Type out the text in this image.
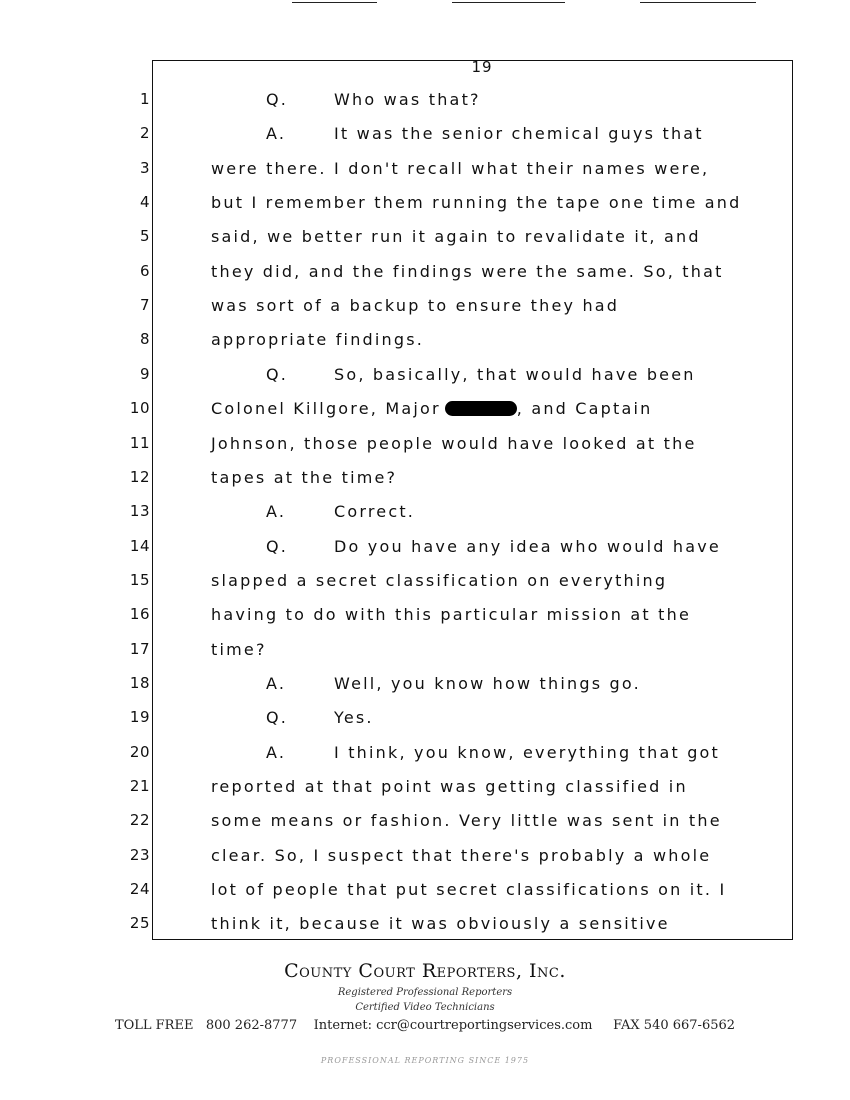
19
1
2
3
4
5
6
7
8
9
10
11
12
13
14
15
16
17
18
19
20
21
22
23
24
25
Q.	Who was that?
A.	It was the senior chemical guys that
were there. I don't recall what their names were,
but I remember them running the tape one time and
said, we better run it again to revalidate it, and
they did, and the findings were the same. So, that
was sort of a backup to ensure they had
appropriate findings.
Q.	So, basically, that would have been
Colonel Killgore, Major	, and Captain
Johnson, those people would have looked at the
tapes at the time?
A.	Correct.
Q.	Do you have any idea who would have
slapped a secret classification on everything
having to do with this particular mission at the
time?
A.	Well, you know how things go.
Q.	Yes.
A.	I think, you know, everything that got
reported at that point was getting classified in
some means or fashion. Very little was sent in the
clear. So, I suspect that there's probably a whole
lot of people that put secret classifications on it. I
think it, because it was obviously a sensitive
County Court Reporters, Inc.
Registered Professional Reporters
Certified Video Technicians
TOLL FREE 800 262-8777 Internet: ccr@courtreportingservices.com FAX 540 667-6562
PROFESSIONAL REPORTING SINCE 1975
